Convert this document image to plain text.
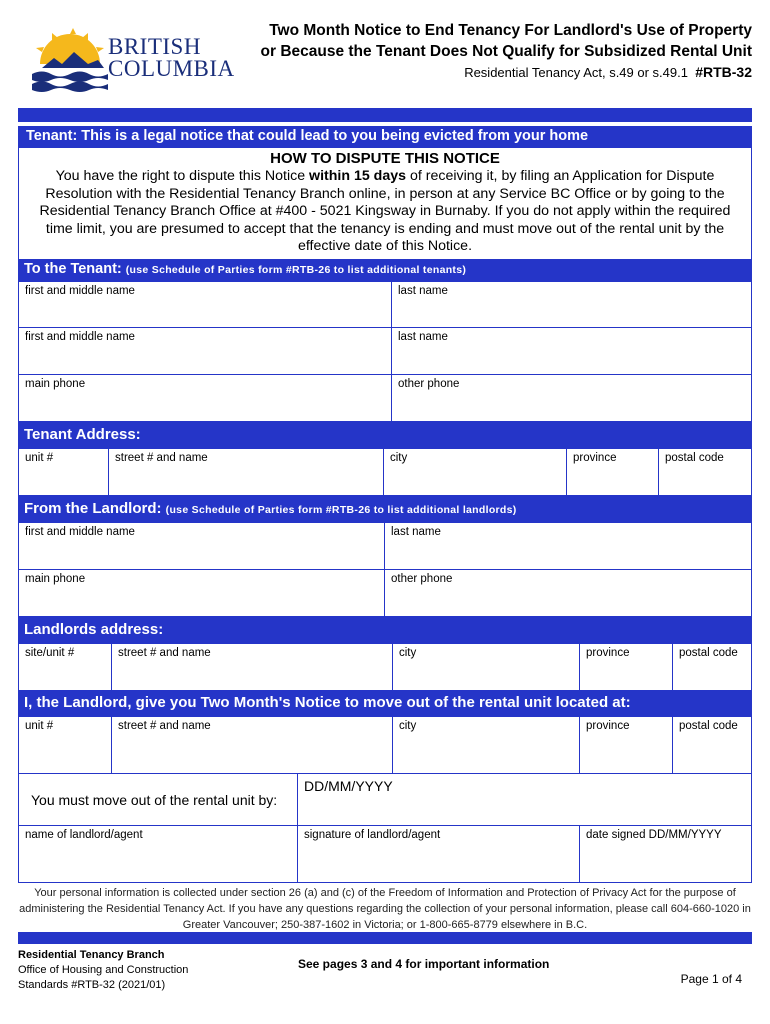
BRITISH
COLUMBIA
Two Month Notice to End Tenancy For Landlord's Use of Property
or Because the Tenant Does Not Qualify for Subsidized Rental Unit
Residential Tenancy Act, s.49 or s.49.1 #RTB-32
Tenant: This is a legal notice that could lead to you being evicted from your home
HOW TO DISPUTE THIS NOTICE
You have the right to dispute this Notice within 15 days of receiving it, by filing an Application for Dispute Resolution with the Residential Tenancy Branch online, in person at any Service BC Office or by going to the Residential Tenancy Branch Office at #400 - 5021 Kingsway in Burnaby. If you do not apply within the required time limit, you are presumed to accept that the tenancy is ending and must move out of the rental unit by the effective date of this Notice.
To the Tenant: (use Schedule of Parties form #RTB-26 to list additional tenants)
first and middle name	last name
first and middle name	last name
main phone	other phone
Tenant Address:
unit #	street # and name	city	province	postal code
From the Landlord: (use Schedule of Parties form #RTB-26 to list additional landlords)
first and middle name	last name
main phone	other phone
Landlords address:
site/unit #	street # and name	city	province	postal code
I, the Landlord, give you Two Month's Notice to move out of the rental unit located at:
unit #	street # and name	city	province	postal code
You must move out of the rental unit by:
DD/MM/YYYY
name of landlord/agent	signature of landlord/agent	date signed DD/MM/YYYY
Your personal information is collected under section 26 (a) and (c) of the Freedom of Information and Protection of Privacy Act for the purpose of administering the Residential Tenancy Act. If you have any questions regarding the collection of your personal information, please call 604-660-1020 in Greater Vancouver; 250-387-1602 in Victoria; or 1-800-665-8779 elsewhere in B.C.
Residential Tenancy Branch
Office of Housing and Construction
Standards #RTB-32 (2021/01)
See pages 3 and 4 for important information
Page 1 of 4
